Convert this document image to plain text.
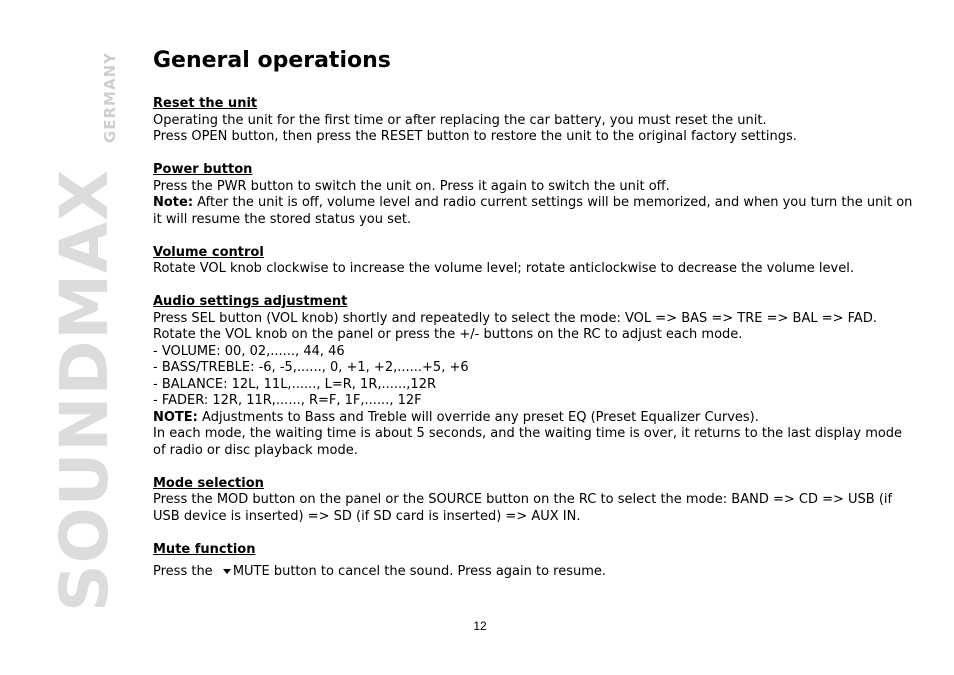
SOUNDMAX
GERMANY General operations

Reset the unit

Operating the unit for the first time or after replacing the car battery, you must reset the unit.

Press OPEN button, then press the RESET button to restore the unit to the original factory settings.

Power button

Press the PWR button to switch the unit on. Press it again to switch the unit off.

Note: After the unit is off, volume level and radio current settings will be memorized, and when you turn the unit on it will resume the stored status you set.

Volume control

Rotate VOL knob clockwise to increase the volume level; rotate anticlockwise to decrease the volume level.

Audio settings adjustment

Press SEL button (VOL knob) shortly and repeatedly to select the mode: VOL => BAS => TRE => BAL => FAD. Rotate the VOL knob on the panel or press the +/- buttons on the RC to adjust each mode.

- VOLUME: 00, 02,......, 44, 46

- BASS/TREBLE: -6, -5,......, 0, +1, +2,......+5, +6

- BALANCE: 12L, 11L,......, L=R, 1R,......,12R

- FADER: 12R, 11R,......, R=F, 1F,......, 12F

NOTE: Adjustments to Bass and Treble will override any preset EQ (Preset Equalizer Curves).

In each mode, the waiting time is about 5 seconds, and the waiting time is over, it returns to the last display mode of radio or disc playback mode.

Mode selection

Press the MOD button on the panel or the SOURCE button on the RC to select the mode: BAND => CD => USB (if USB device is inserted) => SD (if SD card is inserted) => AUX IN.

Mute function

Press the MUTE button to cancel the sound. Press again to resume.

12
